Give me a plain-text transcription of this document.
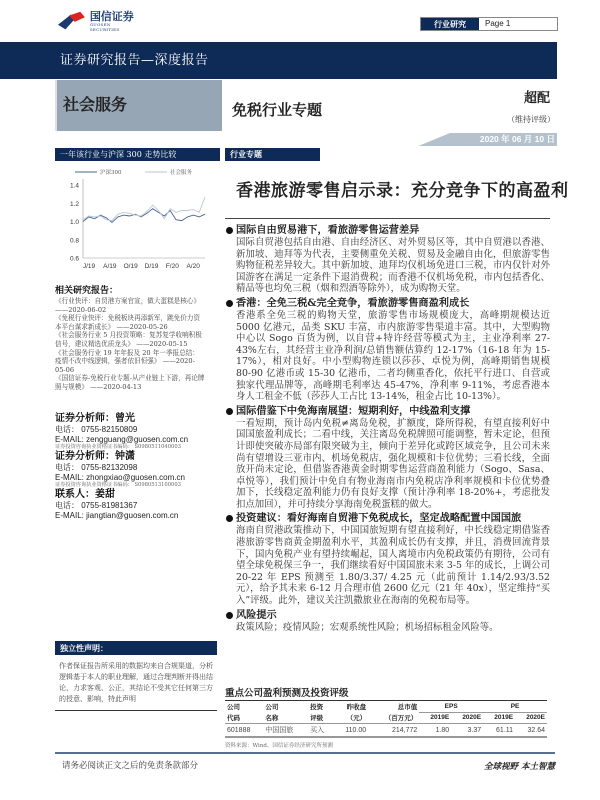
国信证券
GUOSEN SECURITIES	行业研究	Page 1
证券研究报告—深度报告
社会服务	免税行业专题
超配
（维持评级）
2020 年 06 月 10 日
一年该行业与沪深 300 走势比较	行业专题
1.4
1.2
1.0
0.8
0.6
J/19 A/19 O/19 D/19 F/20 A/20
沪深300	社会服务
相关研究报告：
《行业快评：自贸港方案官宣，做大蛋糕是核心》 ——2020-06-02
《免税行业快评：免税板块再添新军，跳免价力资本平台谋求新成长》 ——2020-05-26
《社会服务行业 5 月投资策略：复苏复学收响积极信号，建议精选优质龙头》 ——2020-05-15
《社会服务行业 19 年年报及 20 年一季报总结：疫情不改中线逻辑，强者依旧恒强》 ——2020-05-06
《国信证券-免税行业专题-从产业链上下游，再论牌照与规模》 ——2020-04-13
证券分析师：曾光
电话： 0755-82150809
E-MAIL: zengguang@guosen.com.cn
证券投资咨询执业资格证书编码： S0980511040003
证券分析师：钟潇
电话： 0755-82132098
E-MAIL: zhongxiao@guosen.com.cn
证券投资咨询执业资格证书编码： S0980513100003
联系人：姜甜
电话： 0755-81981367
E-MAIL: jiangtian@guosen.com.cn
独立性声明：
作者保证报告所采用的数据均来自合规渠道，分析逻辑基于本人的职业理解，通过合理判断并得出结论，力求客观、公正，其结论不受其它任何第三方的授意、影响，特此声明
香港旅游零售启示录：充分竞争下的高盈利
国际自由贸易港下，看旅游零售运营差异

国际自贸港包括自由港、自由经济区、对外贸易区等，其中自贸港以香港、新加坡、迪拜等为代表，主要侧重免关税、贸易及金融自由化，但旅游零售购物征税差异较大。其中新加坡、迪拜均仅机场免进口三税，市内仅针对外国游客在满足一定条件下退消费税；而香港不仅机场免税，市内包括香化、精品等也均免三税（烟和烈酒等除外），成为购物天堂。

香港：全免三税&完全竞争，看旅游零售商盈利成长

香港系全免三税的购物天堂，旅游零售市场规模庞大，高峰期规模达近 5000 亿港元，品类 SKU 丰富，市内旅游零售渠道丰富。其中，大型购物中心以 Sogo 百货为例，以自营+特许经营等模式为主，主业净利率 27-43%左右，其经营主业净利润/总销售额估算约 12-17%（16-18 年为 15-17%），相对良好。中小型购物连锁以莎莎、卓悦为例，高峰期销售规模 80-90 亿港币或 15-30 亿港币，二者均侧重香化，依托平行进口、自营或独家代理品牌等，高峰期毛利率达 45-47%，净利率 9-11%，考虑香港本身人工租金不低（莎莎人工占比 13-14%，租金占比 10-13%）。

国际借鉴下中免海南展望：短期利好，中线盈利支撑

一看短期，预计岛内免税≠离岛免税，扩额度，降所得税，有望直接利好中国国旅盈利成长；二看中线，关注离岛免税牌照可能调整，暂未定论，但预计即使突破亦局部有限突破为主，倾向于差异化或跨区域竞争，且公司未来尚有望增设三亚市内、机场免税店，强化规模和卡位优势；三看长线，全面放开尚未定论，但借鉴香港黄金时期零售运营商盈利能力（Sogo、Sasa、卓悦等），我们预计中免自有物业海南市内免税店净利率规模和卡位优势叠加下，长线稳定盈利能力仍有良好支撑（预计净利率 18-20%+，考虑批发扣点加回），并可持续分享海南免税蛋糕的做大。

投资建议：看好海南自贸港下免税成长，坚定战略配置中国国旅

海南自贸港政策推动下，中国国旅短期有望直接利好，中长线稳定期借鉴香港旅游零售商黄金期盈利水平，其盈利成长仍有支撑，并且，消费回流背景下，国内免税产业有望持续崛起，国人离境市内免税政策仍有期待，公司有望全球免税保三争一，我们继续看好中国国旅未来 3-5 年的成长，上调公司 20-22 年 EPS 预测至 1.80/3.37/ 4.25 元（此前预计 1.14/2.93/3.52 元），给予其未来 6-12 月合理市值 2600 亿元（21 年 40x），坚定维持“买入”评级。此外，建议关注凯撒旅业在海南的免税布局等。

风险提示

政策风险；疫情风险；宏观系统性风险；机场招标租金风险等。

重点公司盈利预测及投资评级
公司	公司	投资	昨收盘	总市值	EPS		PE	
代码	名称	评级	（元）	（百万元）	2019E	2020E	2019E	2020E
601888	中国国旅	买入	110.00	214,772	1.80	3.37	61.11	32.64
资料来源：Wind、国信证券经济研究所预测
请务必阅读正文之后的免责条款部分	全球视野 本土智慧
